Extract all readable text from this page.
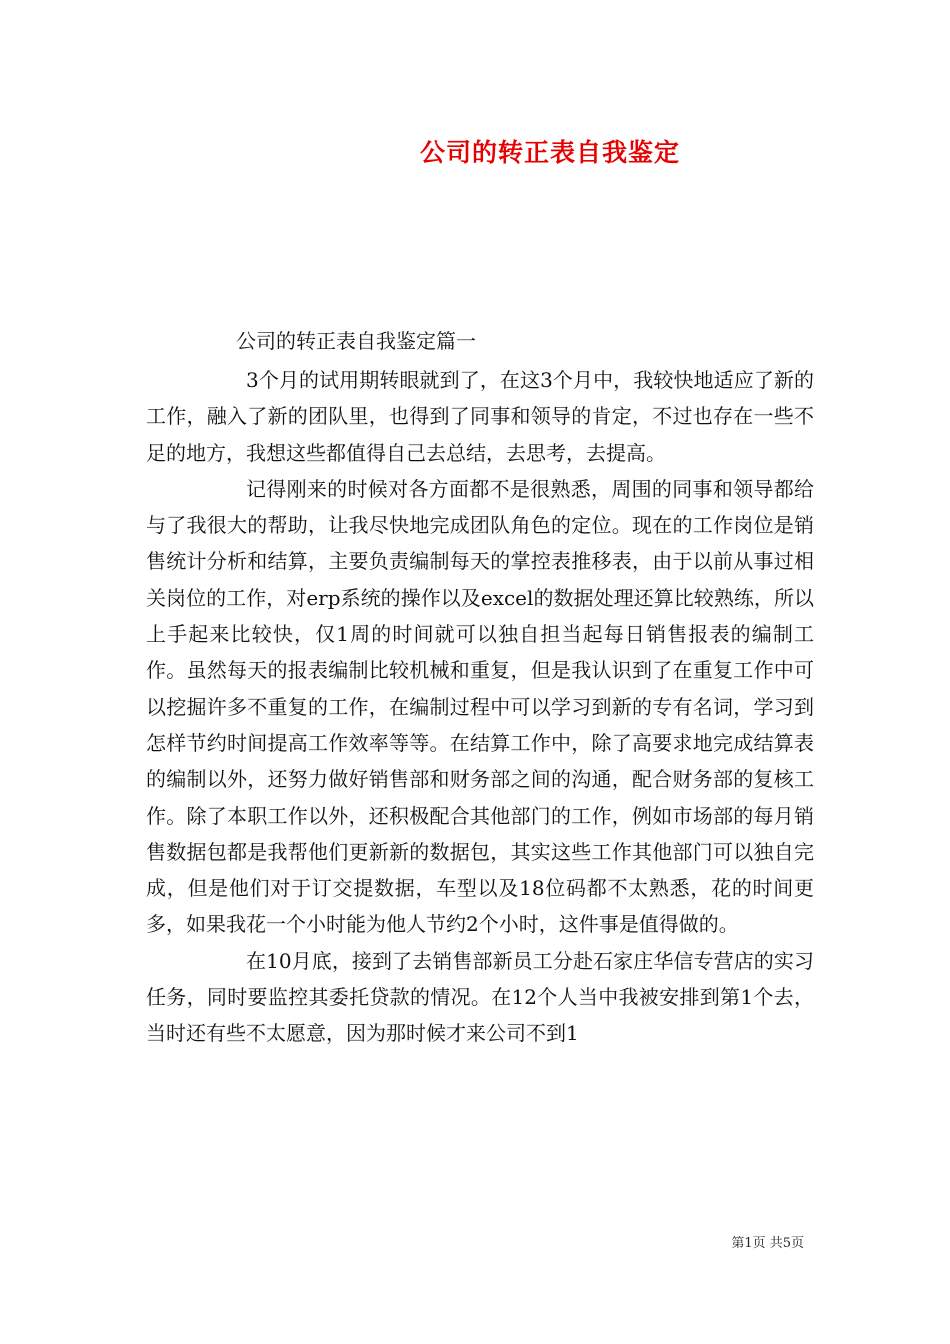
公司的转正表自我鉴定
公司的转正表自我鉴定篇一

3个月的试用期转眼就到了，在这3个月中，我较快地适应了新的工作，融入了新的团队里，也得到了同事和领导的肯定，不过也存在一些不足的地方，我想这些都值得自己去总结，去思考，去提高。

记得刚来的时候对各方面都不是很熟悉，周围的同事和领导都给与了我很大的帮助，让我尽快地完成团队角色的定位。现在的工作岗位是销售统计分析和结算，主要负责编制每天的掌控表推移表，由于以前从事过相关岗位的工作，对erp系统的操作以及excel的数据处理还算比较熟练，所以上手起来比较快，仅1周的时间就可以独自担当起每日销售报表的编制工作。虽然每天的报表编制比较机械和重复，但是我认识到了在重复工作中可以挖掘许多不重复的工作，在编制过程中可以学习到新的专有名词，学习到怎样节约时间提高工作效率等等。在结算工作中，除了高要求地完成结算表的编制以外，还努力做好销售部和财务部之间的沟通，配合财务部的复核工作。除了本职工作以外，还积极配合其他部门的工作，例如市场部的每月销售数据包都是我帮他们更新新的数据包，其实这些工作其他部门可以独自完成，但是他们对于订交提数据，车型以及18位码都不太熟悉，花的时间更多，如果我花一个小时能为他人节约2个小时，这件事是值得做的。

在10月底，接到了去销售部新员工分赴石家庄华信专营店的实习任务，同时要监控其委托贷款的情况。在12个人当中我被安排到第1个去，当时还有些不太愿意，因为那时候才来公司不到1

第1页 共5页
